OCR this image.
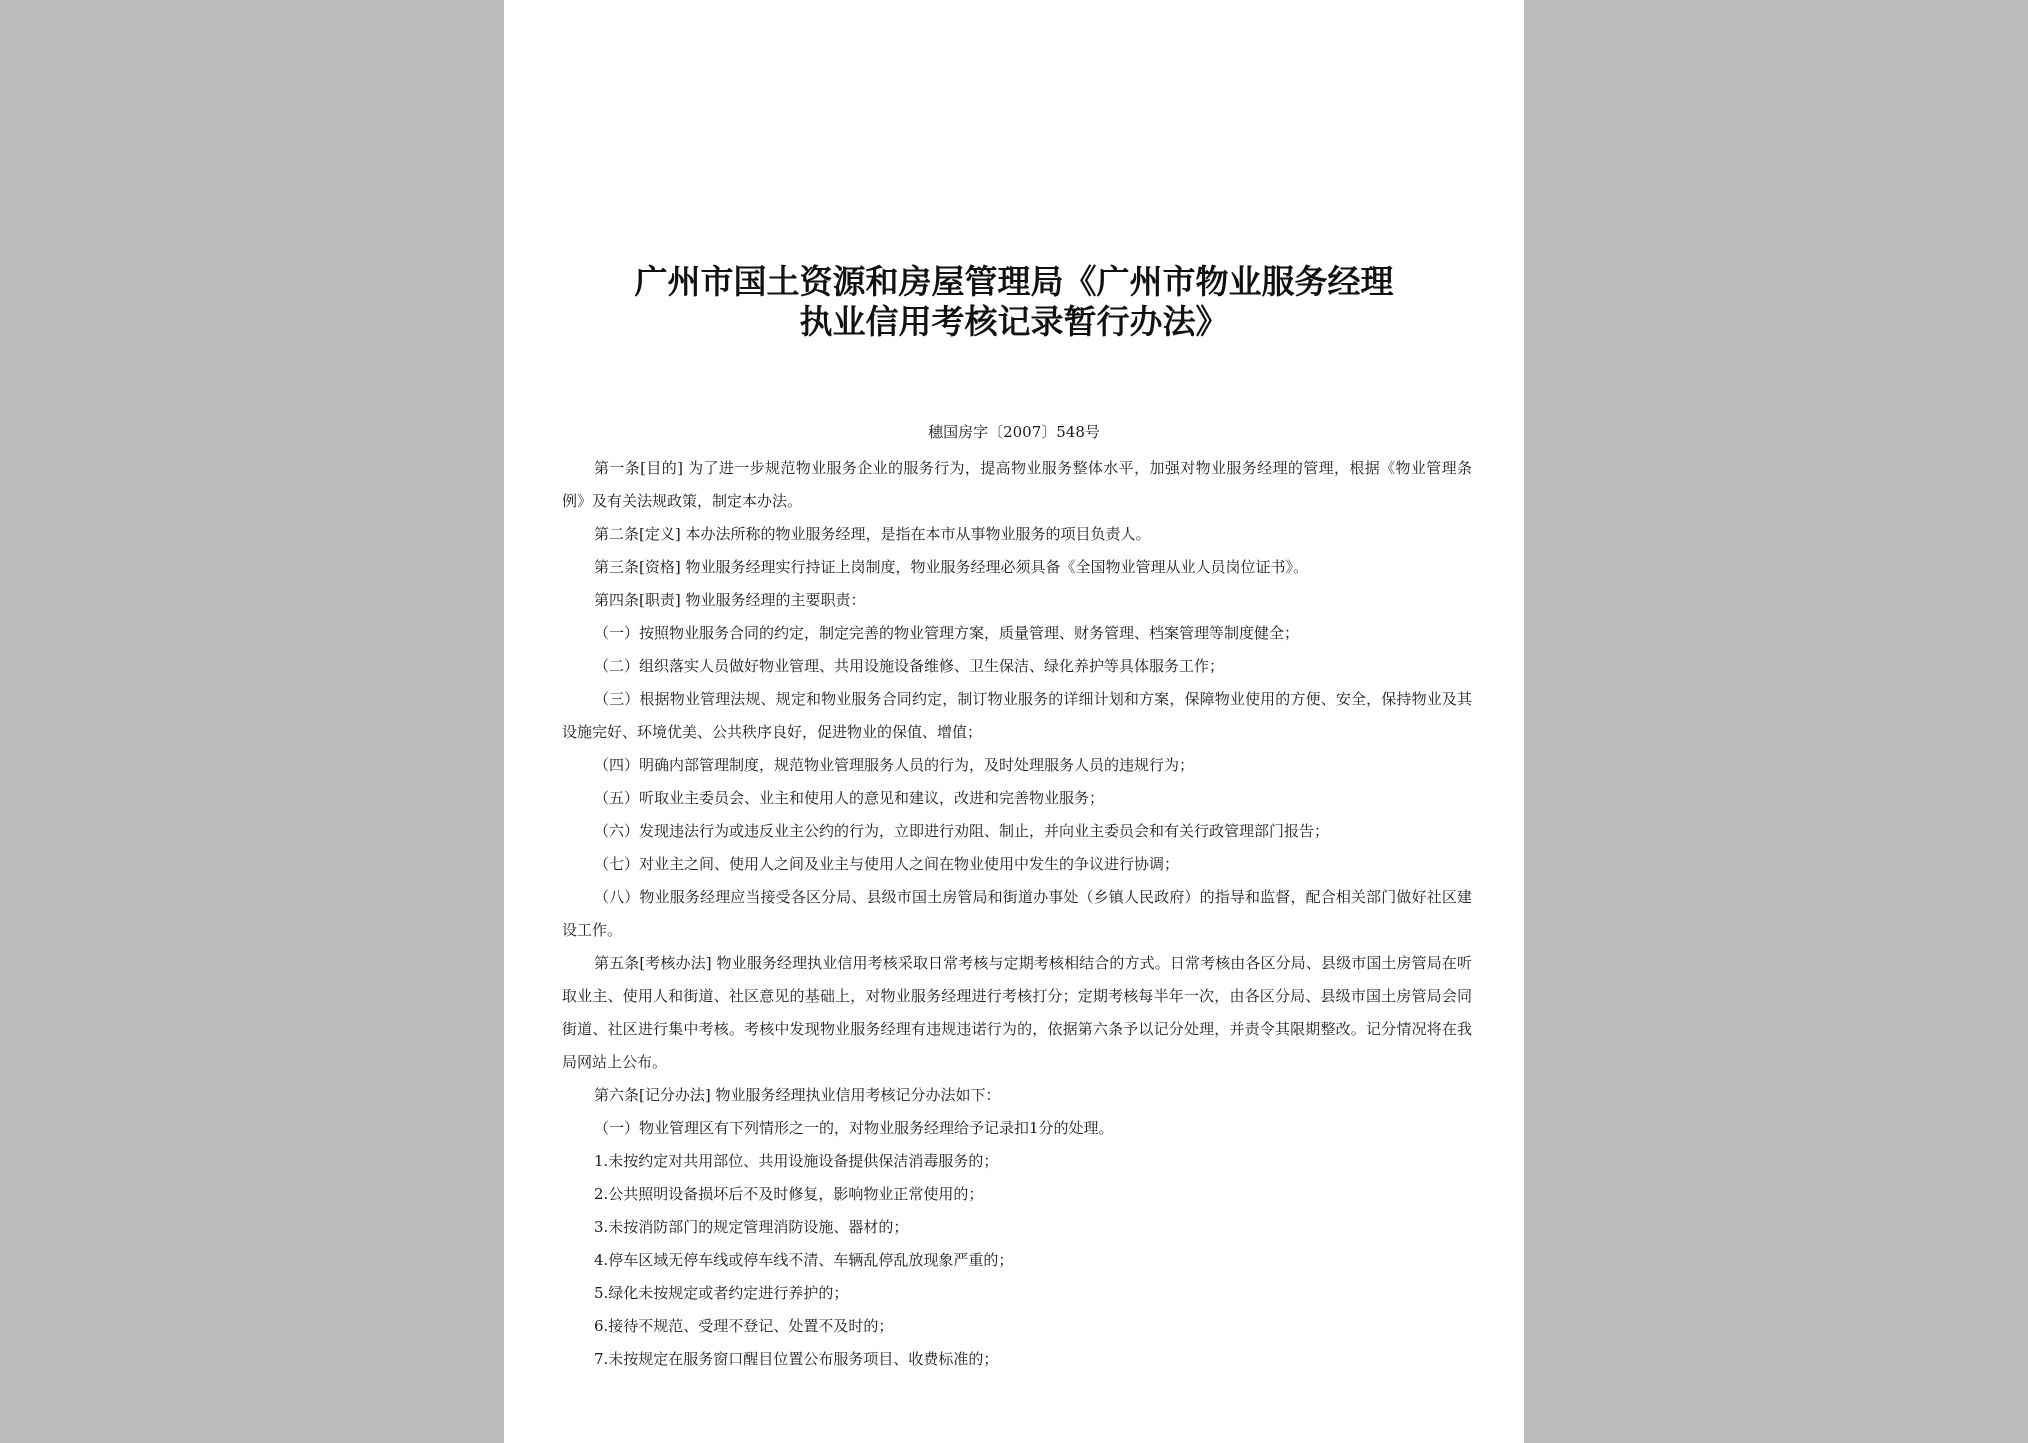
广州市国土资源和房屋管理局《广州市物业服务经理
执业信用考核记录暂行办法》
穗国房字〔2007〕548号

第一条[目的] 为了进一步规范物业服务企业的服务行为，提高物业服务整体水平，加强对物业服务经理的管理，根据《物业管理条例》及有关法规政策，制定本办法。

第二条[定义] 本办法所称的物业服务经理，是指在本市从事物业服务的项目负责人。

第三条[资格] 物业服务经理实行持证上岗制度，物业服务经理必须具备《全国物业管理从业人员岗位证书》。

第四条[职责] 物业服务经理的主要职责：

（一）按照物业服务合同的约定，制定完善的物业管理方案，质量管理、财务管理、档案管理等制度健全；

（二）组织落实人员做好物业管理、共用设施设备维修、卫生保洁、绿化养护等具体服务工作；

（三）根据物业管理法规、规定和物业服务合同约定，制订物业服务的详细计划和方案，保障物业使用的方便、安全，保持物业及其设施完好、环境优美、公共秩序良好，促进物业的保值、增值；

（四）明确内部管理制度，规范物业管理服务人员的行为，及时处理服务人员的违规行为；

（五）听取业主委员会、业主和使用人的意见和建议，改进和完善物业服务；

（六）发现违法行为或违反业主公约的行为，立即进行劝阻、制止，并向业主委员会和有关行政管理部门报告；

（七）对业主之间、使用人之间及业主与使用人之间在物业使用中发生的争议进行协调；

（八）物业服务经理应当接受各区分局、县级市国土房管局和街道办事处（乡镇人民政府）的指导和监督，配合相关部门做好社区建设工作。

第五条[考核办法] 物业服务经理执业信用考核采取日常考核与定期考核相结合的方式。日常考核由各区分局、县级市国土房管局在听取业主、使用人和街道、社区意见的基础上，对物业服务经理进行考核打分；定期考核每半年一次，由各区分局、县级市国土房管局会同街道、社区进行集中考核。考核中发现物业服务经理有违规违诺行为的，依据第六条予以记分处理，并责令其限期整改。记分情况将在我局网站上公布。

第六条[记分办法] 物业服务经理执业信用考核记分办法如下：

（一）物业管理区有下列情形之一的，对物业服务经理给予记录扣1分的处理。

1.未按约定对共用部位、共用设施设备提供保洁消毒服务的；

2.公共照明设备损坏后不及时修复，影响物业正常使用的；

3.未按消防部门的规定管理消防设施、器材的；

4.停车区域无停车线或停车线不清、车辆乱停乱放现象严重的；

5.绿化未按规定或者约定进行养护的；

6.接待不规范、受理不登记、处置不及时的；

7.未按规定在服务窗口醒目位置公布服务项目、收费标准的；
